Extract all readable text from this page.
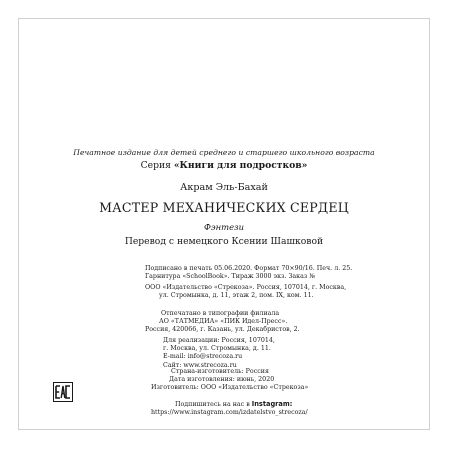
Печатное издание для детей среднего и старшего школьного возраста
Серия «Книги для подростков»
Акрам Эль-Бахай
МАСТЕР МЕХАНИЧЕСКИХ СЕРДЕЦ
Фэнтези
Перевод с немецкого Ксении Шашковой
Подписано в печать 05.06.2020. Формат 70×90/16. Печ. л. 25.
Гарнитура «SchoolBook». Тираж 3000 экз. Заказ №
ООО «Издательство «Стрекоза». Россия, 107014, г. Москва,
ул. Стромынка, д. 11, этаж 2, пом. IX, ком. 11.
Отпечатано в типографии филиала
АО «ТАТМЕДИА» «ПИК Идел-Пресс».
Россия, 420066, г. Казань, ул. Декабристов, 2.
Для реализации: Россия, 107014,
г. Москва, ул. Стромынка, д. 11.
E-mail: info@strecoza.ru
Сайт: www.strecoza.ru
Страна-изготовитель: Россия
Дата изготовления: июнь, 2020
Изготовитель: ООО «Издательство «Стрекоза»
Подпишитесь на нас в Instagram:
https://www.instagram.com/izdatelstvo_strecoza/
